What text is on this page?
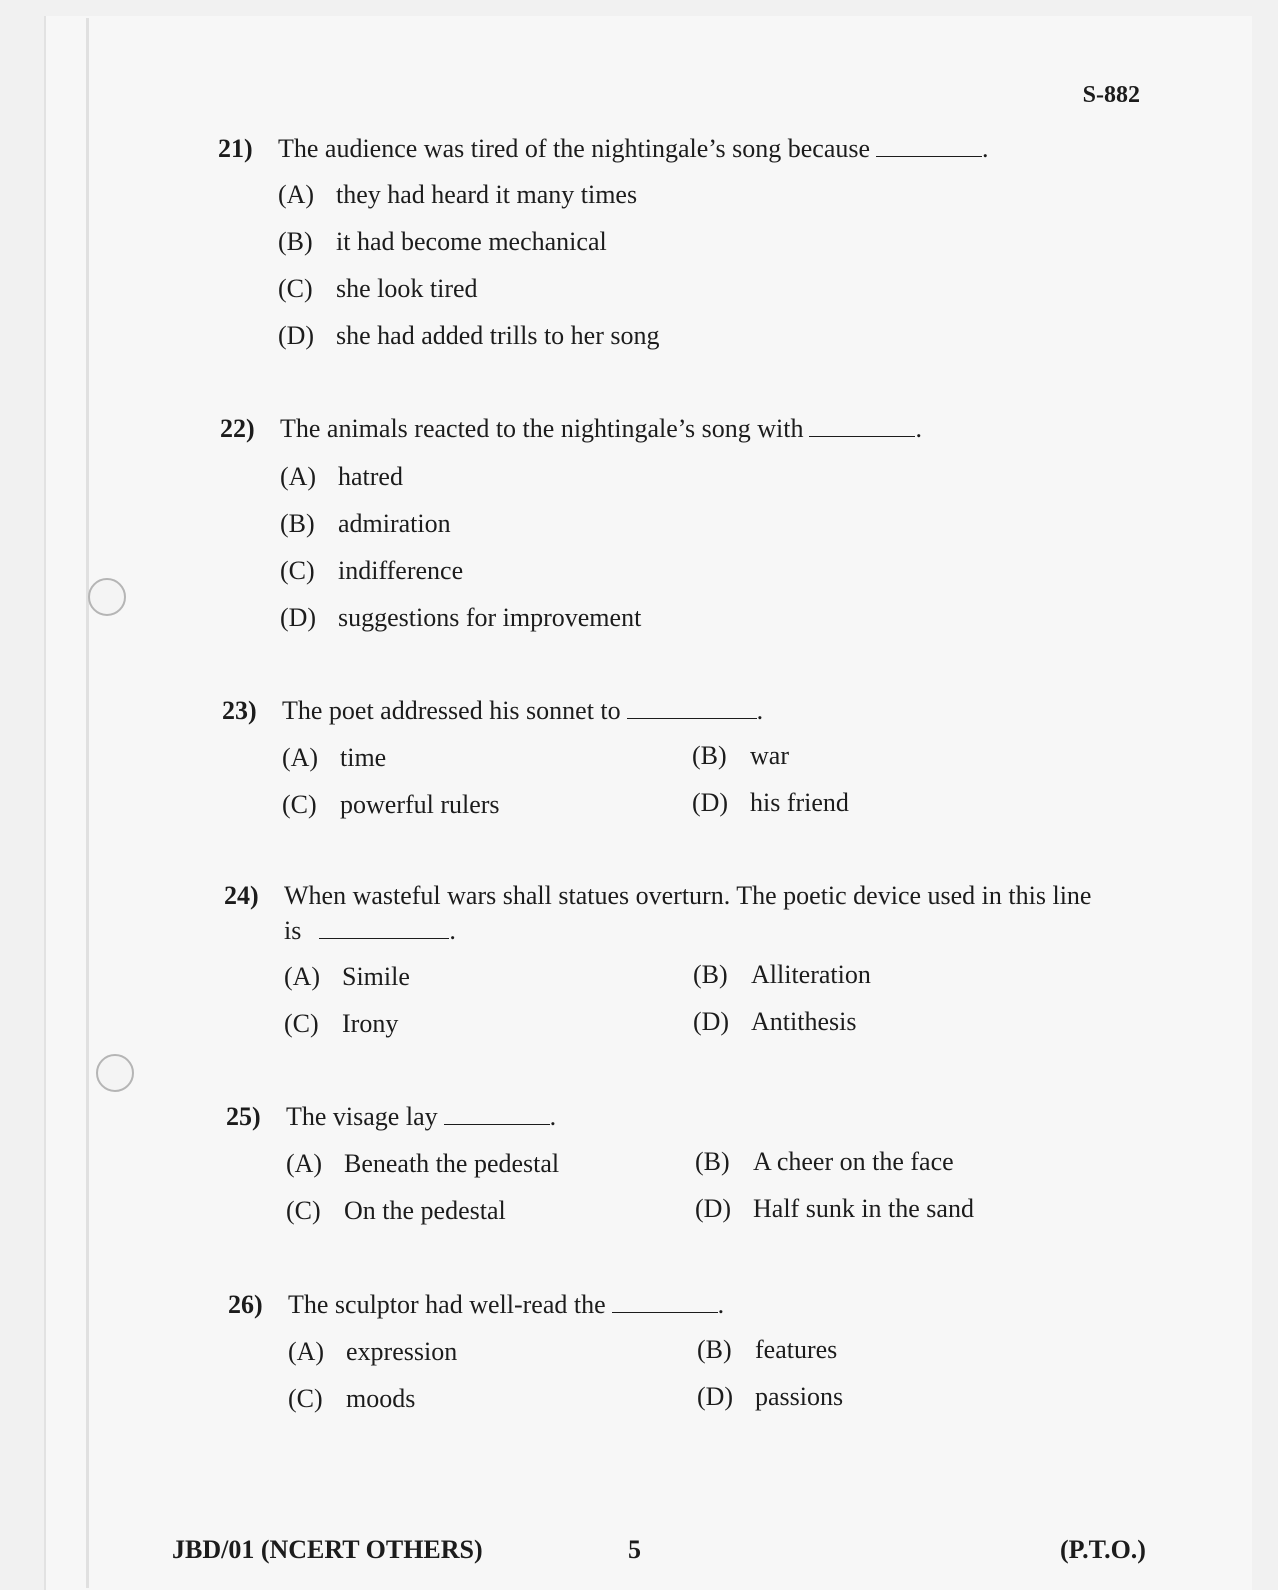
S-882
21) The audience was tired of the nightingale’s song because	.
(A) they had heard it many times
(B) it had become mechanical
(C) she look tired
(D) she had added trills to her song
22) The animals reacted to the nightingale’s song with	.
(A) hatred
(B) admiration
(C) indifference
(D) suggestions for improvement
23) The poet addressed his sonnet to	.
(A) time	(B) war
(C) powerful rulers	(D) his friend
24) When wasteful wars shall statues overturn. The poetic device used in this line
is	.
(A) Simile	(B) Alliteration
(C) Irony	(D) Antithesis
25) The visage lay	.
(A) Beneath the pedestal	(B) A cheer on the face
(C) On the pedestal	(D) Half sunk in the sand
26) The sculptor had well-read the	.
(A) expression	(B) features
(C) moods	(D) passions
JBD/01 (NCERT OTHERS)	5	(P.T.O.)
